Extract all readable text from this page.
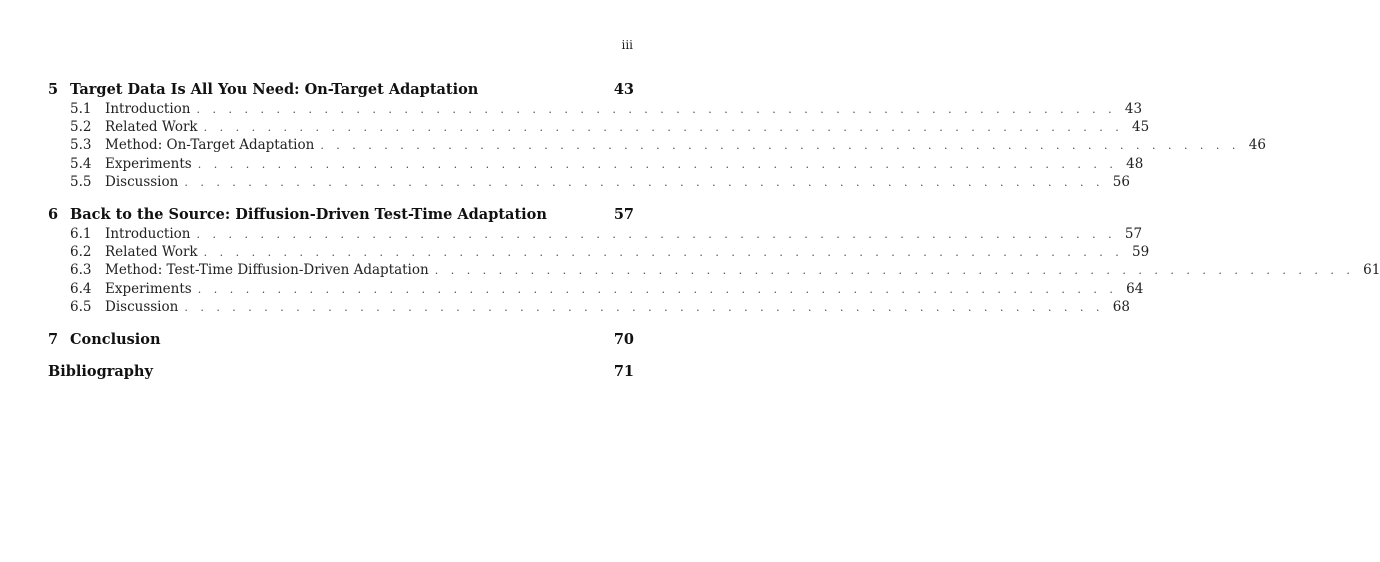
iii
5 Target Data Is All You Need: On-Target Adaptation	43
5.1	Introduction . . . . . . . . . . . . . . . . . . . . . . . . . . . . . . . . . . . . . . . . . . . . . . . . . . . . . . . . . . 43
5.2	Related Work . . . . . . . . . . . . . . . . . . . . . . . . . . . . . . . . . . . . . . . . . . . . . . . . . . . . . . . . . . 45
5.3	Method: On-Target Adaptation . . . . . . . . . . . . . . . . . . . . . . . . . . . . . . . . . . . . . . . . . . . . . . . . . . . . . . . . . . 46
5.4	Experiments . . . . . . . . . . . . . . . . . . . . . . . . . . . . . . . . . . . . . . . . . . . . . . . . . . . . . . . . . . 48
5.5	Discussion . . . . . . . . . . . . . . . . . . . . . . . . . . . . . . . . . . . . . . . . . . . . . . . . . . . . . . . . . . 56
6 Back to the Source: Diffusion-Driven Test-Time Adaptation	57
6.1	Introduction . . . . . . . . . . . . . . . . . . . . . . . . . . . . . . . . . . . . . . . . . . . . . . . . . . . . . . . . . . 57
6.2	Related Work . . . . . . . . . . . . . . . . . . . . . . . . . . . . . . . . . . . . . . . . . . . . . . . . . . . . . . . . . . 59
6.3	Method: Test-Time Diffusion-Driven Adaptation . . . . . . . . . . . . . . . . . . . . . . . . . . . . . . . . . . . . . . . . . . . . . . . . . . . . . . . . . . 61
6.4	Experiments . . . . . . . . . . . . . . . . . . . . . . . . . . . . . . . . . . . . . . . . . . . . . . . . . . . . . . . . . . 64
6.5	Discussion . . . . . . . . . . . . . . . . . . . . . . . . . . . . . . . . . . . . . . . . . . . . . . . . . . . . . . . . . . 68
7 Conclusion	70
Bibliography	71
